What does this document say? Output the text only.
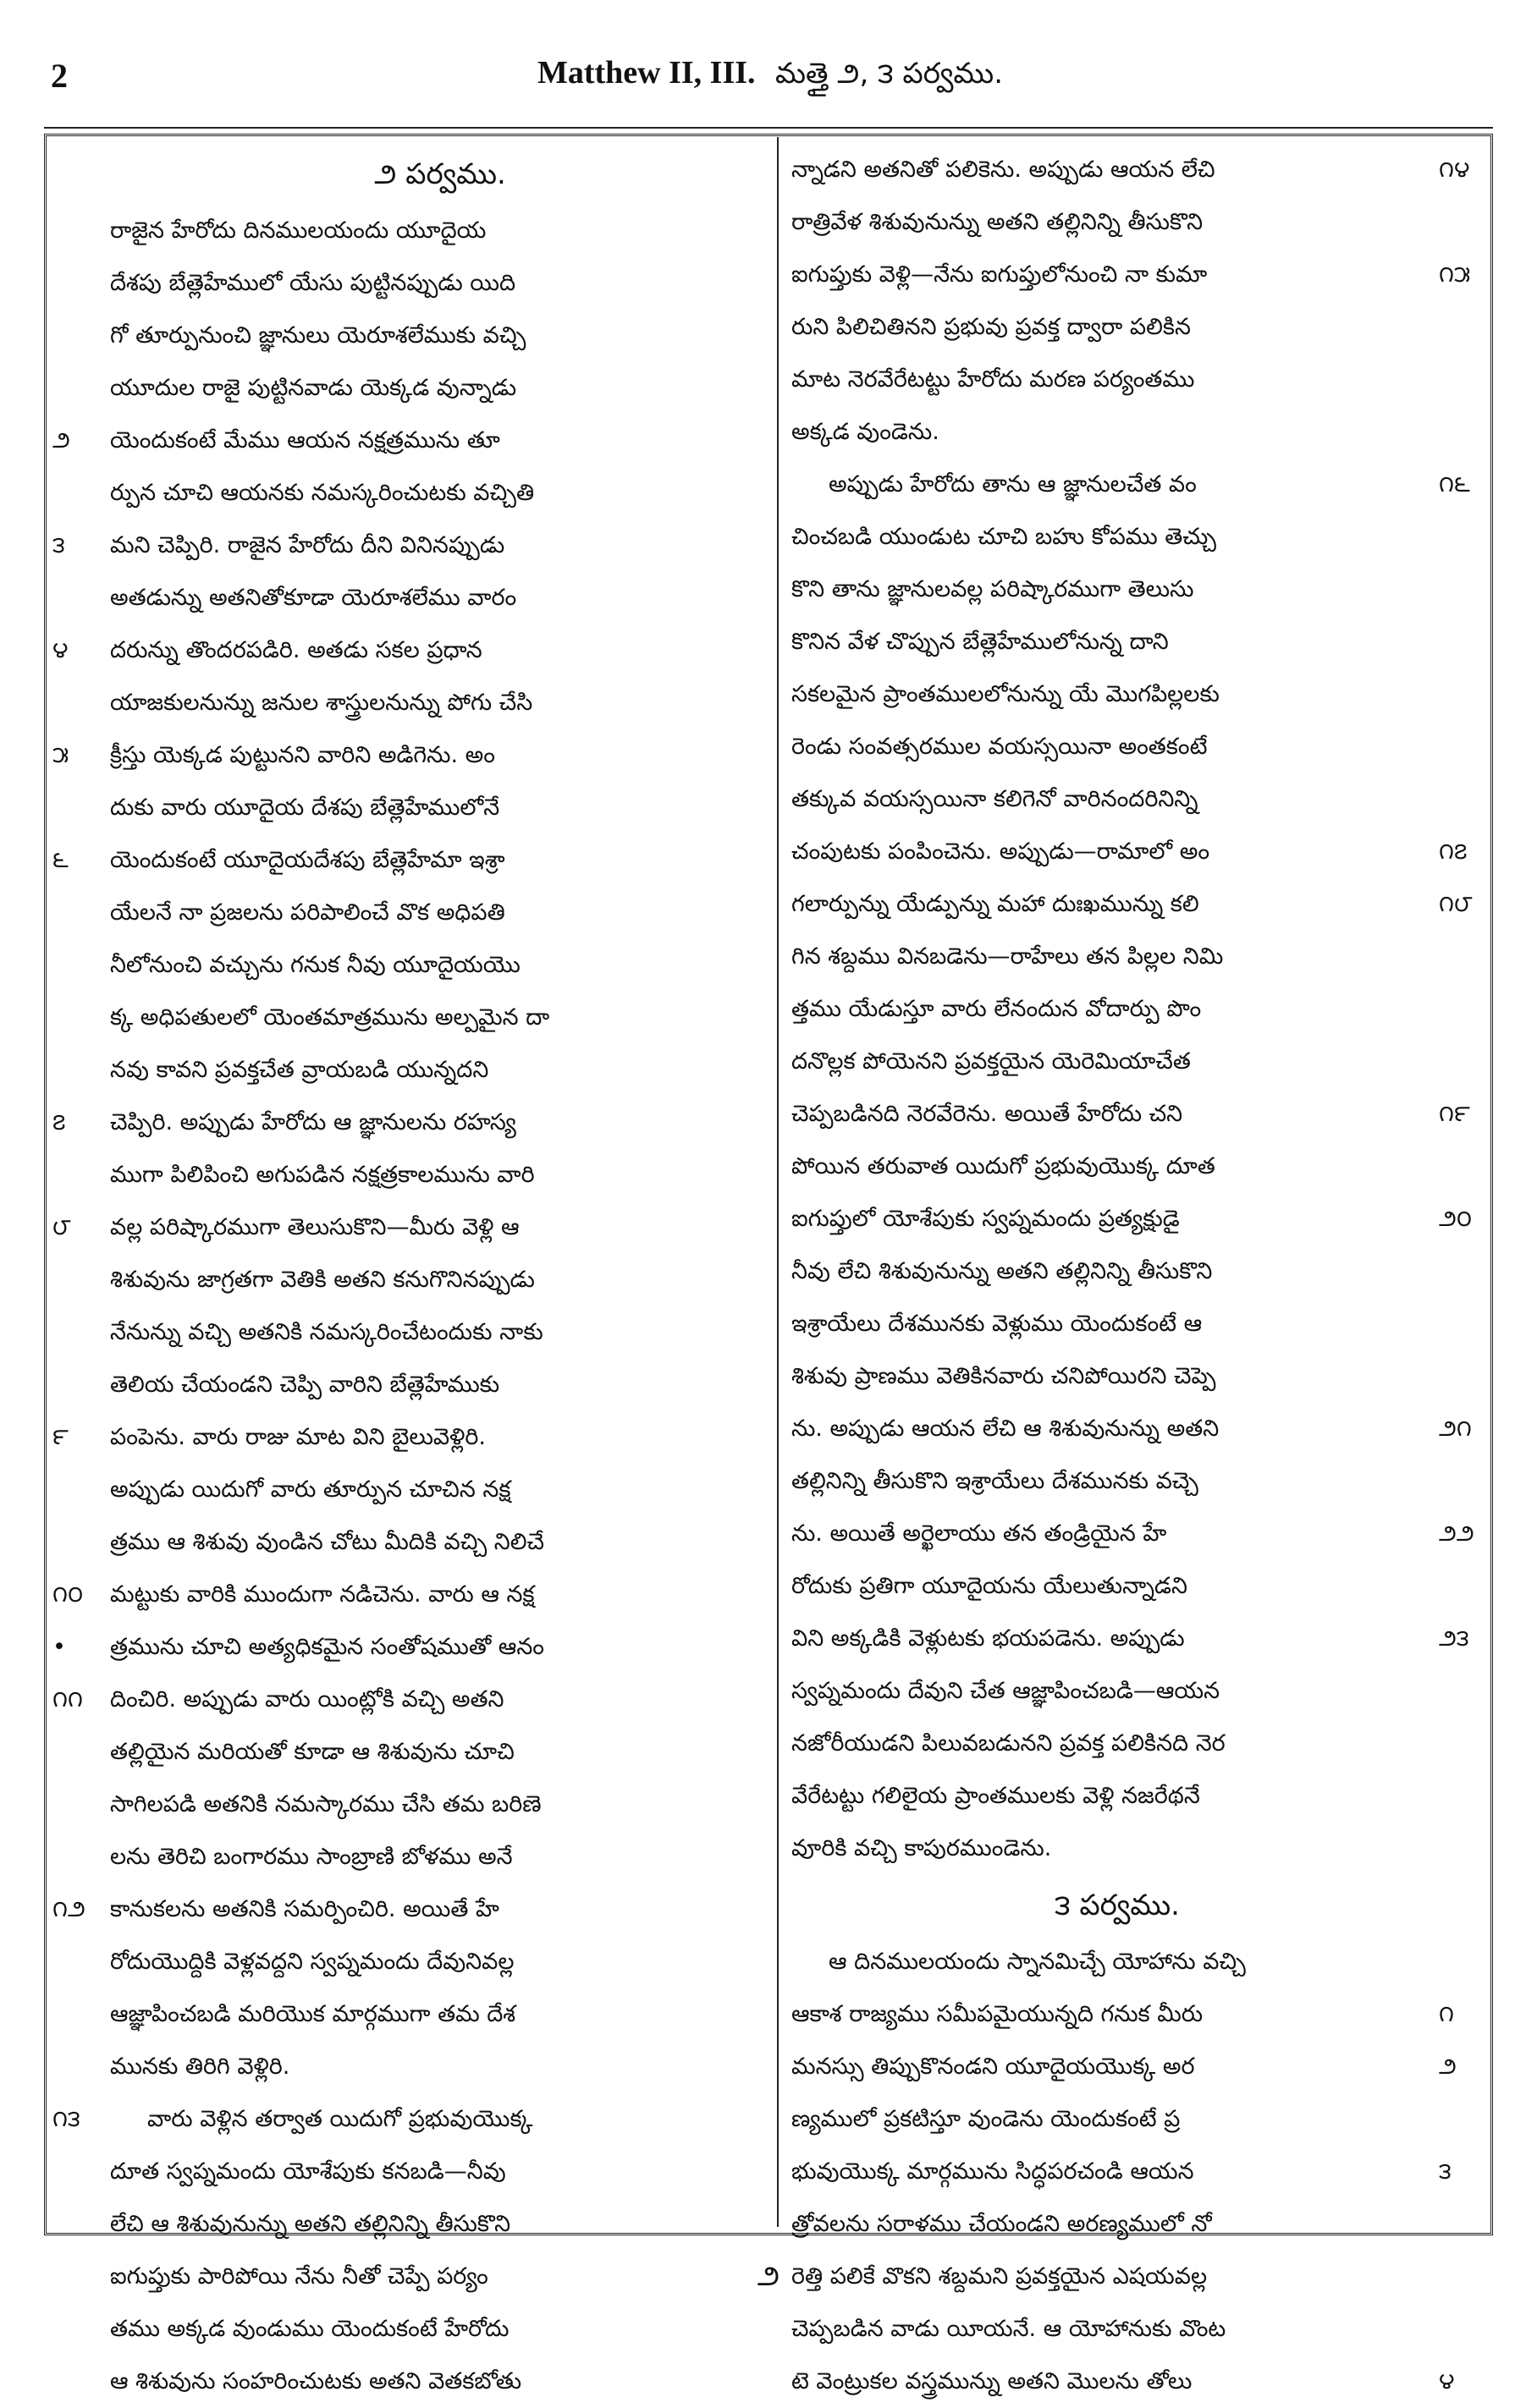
2	Matthew II, III. మత్తై ౨, ౩ పర్వము.
౨ పర్వము.
రాజైన హేరోదు దినములయందు యూదైయ
దేశపు బేత్లెహేములో యేసు పుట్టినప్పుడు యిది
గో తూర్పునుంచి జ్ఞానులు యెరూశలేముకు వచ్చి
యూదుల రాజై పుట్టినవాడు యెక్కడ వున్నాడు
యెందుకంటే మేము ఆయన నక్షత్రమును తూ
ర్పున చూచి ఆయనకు నమస్కరించుటకు వచ్చితి
మని చెప్పిరి. రాజైన హేరోదు దీని వినినప్పుడు
అతడున్ను అతనితోకూడా యెరూశలేము వారం
దరున్ను తొందరపడిరి. అతడు సకల ప్రధాన
యాజకులనున్ను జనుల శాస్త్రులనున్ను పోగు చేసి
క్రీస్తు యెక్కడ పుట్టునని వారిని అడిగెను. అం
దుకు వారు యూదైయ దేశపు బేత్లెహేములోనే
యెందుకంటే యూదైయదేశపు బేత్లెహేమా ఇశ్రా
యేలనే నా ప్రజలను పరిపాలించే వొక అధిపతి
నీలోనుంచి వచ్చును గనుక నీవు యూదైయయొ
క్క అధిపతులలో యెంతమాత్రమును అల్పమైన దా
నవు కావని ప్రవక్తచేత వ్రాయబడి యున్నదని
చెప్పిరి. అప్పుడు హేరోదు ఆ జ్ఞానులను రహస్య
ముగా పిలిపించి అగుపడిన నక్షత్రకాలమును వారి
వల్ల పరిష్కారముగా తెలుసుకొని—మీరు వెళ్లి ఆ
శిశువును జాగ్రతగా వెతికి అతని కనుగొనినప్పుడు
నేనున్ను వచ్చి అతనికి నమస్కరించేటందుకు నాకు
తెలియ చేయండని చెప్పి వారిని బేత్లెహేముకు
పంపెను. వారు రాజు మాట విని బైలువెళ్లిరి.
అప్పుడు యిదుగో వారు తూర్పున చూచిన నక్ష
త్రము ఆ శిశువు వుండిన చోటు మీదికి వచ్చి నిలిచే
మట్టుకు వారికి ముందుగా నడిచెను. వారు ఆ నక్ష
త్రమును చూచి అత్యధికమైన సంతోషముతో ఆనం
దించిరి. అప్పుడు వారు యింట్లోకి వచ్చి అతని
తల్లియైన మరియతో కూడా ఆ శిశువును చూచి
సాగిలపడి అతనికి నమస్కారము చేసి తమ బరిణె
లను తెరిచి బంగారము సాంబ్రాణి బోళము అనే
కానుకలను అతనికి సమర్పించిరి. అయితే హే
రోదుయొద్దికి వెళ్లవద్దని స్వప్నమందు దేవునివల్ల
ఆజ్ఞాపించబడి మరియొక మార్గముగా తమ దేశ
మునకు తిరిగి వెళ్లిరి.
వారు వెళ్లిన తర్వాత యిదుగో ప్రభువుయొక్క
దూత స్వప్నమందు యోశేపుకు కనబడి—నీవు
లేచి ఆ శిశువునున్ను అతని తల్లినిన్ని తీసుకొని
ఐగుప్తుకు పారిపోయి నేను నీతో చెప్పే పర్యం
తము అక్కడ వుండుము యెందుకంటే హేరోదు
ఆ శిశువును సంహరించుటకు అతని వెతకబోతు
న్నాడని అతనితో పలికెను. అప్పుడు ఆయన లేచి
రాత్రివేళ శిశువునున్ను అతని తల్లినిన్ని తీసుకొని
ఐగుప్తుకు వెళ్లి—నేను ఐగుప్తులోనుంచి నా కుమా
రుని పిలిచితినని ప్రభువు ప్రవక్త ద్వారా పలికిన
మాట నెరవేరేటట్టు హేరోదు మరణ పర్యంతము
అక్కడ వుండెను.
అప్పుడు హేరోదు తాను ఆ జ్ఞానులచేత వం
చించబడి యుండుట చూచి బహు కోపము తెచ్చు
కొని తాను జ్ఞానులవల్ల పరిష్కారముగా తెలుసు
కొనిన వేళ చొప్పున బేత్లెహేములోనున్న దాని
సకలమైన ప్రాంతములలోనున్ను యే మొగపిల్లలకు
రెండు సంవత్సరముల వయస్సయినా అంతకంటే
తక్కువ వయస్సయినా కలిగెనో వారినందరినిన్ని
చంపుటకు పంపించెను. అప్పుడు—రామాలో అం
గలార్పున్ను యేడ్పున్ను మహా దుఃఖమున్ను కలి
గిన శబ్దము వినబడెను—రాహేలు తన పిల్లల నిమి
త్తము యేడుస్తూ వారు లేనందున వోదార్పు పొం
దనొల్లక పోయెనని ప్రవక్తయైన యెరెమియాచేత
చెప్పబడినది నెరవేరెను. అయితే హేరోదు చని
పోయిన తరువాత యిదుగో ప్రభువుయొక్క దూత
ఐగుప్తులో యోశేపుకు స్వప్నమందు ప్రత్యక్షుడై
నీవు లేచి శిశువునున్ను అతని తల్లినిన్ని తీసుకొని
ఇశ్రాయేలు దేశమునకు వెళ్లుము యెందుకంటే ఆ
శిశువు ప్రాణము వెతికినవారు చనిపోయిరని చెప్పె
ను. అప్పుడు ఆయన లేచి ఆ శిశువునున్ను అతని
తల్లినిన్ని తీసుకొని ఇశ్రాయేలు దేశమునకు వచ్చె
ను. అయితే అర్ఖెలాయు తన తండ్రియైన హే
రోదుకు ప్రతిగా యూదైయను యేలుతున్నాడని
విని అక్కడికి వెళ్లుటకు భయపడెను. అప్పుడు
స్వప్నమందు దేవుని చేత ఆజ్ఞాపించబడి—ఆయన
నజోరీయుడని పిలువబడునని ప్రవక్త పలికినది నెర
వేరేటట్టు గలిలైయ ప్రాంతములకు వెళ్లి నజరేథనే
వూరికి వచ్చి కాపురముండెను.
౩ పర్వము.
ఆ దినములయందు స్నానమిచ్చే యోహాను వచ్చి
ఆకాశ రాజ్యము సమీపమైయున్నది గనుక మీరు
మనస్సు తిప్పుకొనండని యూదైయయొక్క అర
ణ్యములో ప్రకటిస్తూ వుండెను యెందుకంటే ప్ర
భువుయొక్క మార్గమును సిద్ధపరచండి ఆయన
త్రోవలను సరాళము చేయండని అరణ్యములో నో
రెత్తి పలికే వొకని శబ్దమని ప్రవక్తయైన ఎషయవల్ల
చెప్పబడిన వాడు యీయనే. ఆ యోహానుకు వొంట
టె వెంట్రుకల వస్త్రమున్ను అతని మొలను తోలు
౨
౩
౪
౫
౬
౭
౮
౯
౧౦
•
౧౧
౧౨
౧౩
౧౪
౧౫
౧౬
౧౭
౧౮
౧౯
౨౦
౨౧
౨౨
౨౩
౧
౨
౩
౪
౨
